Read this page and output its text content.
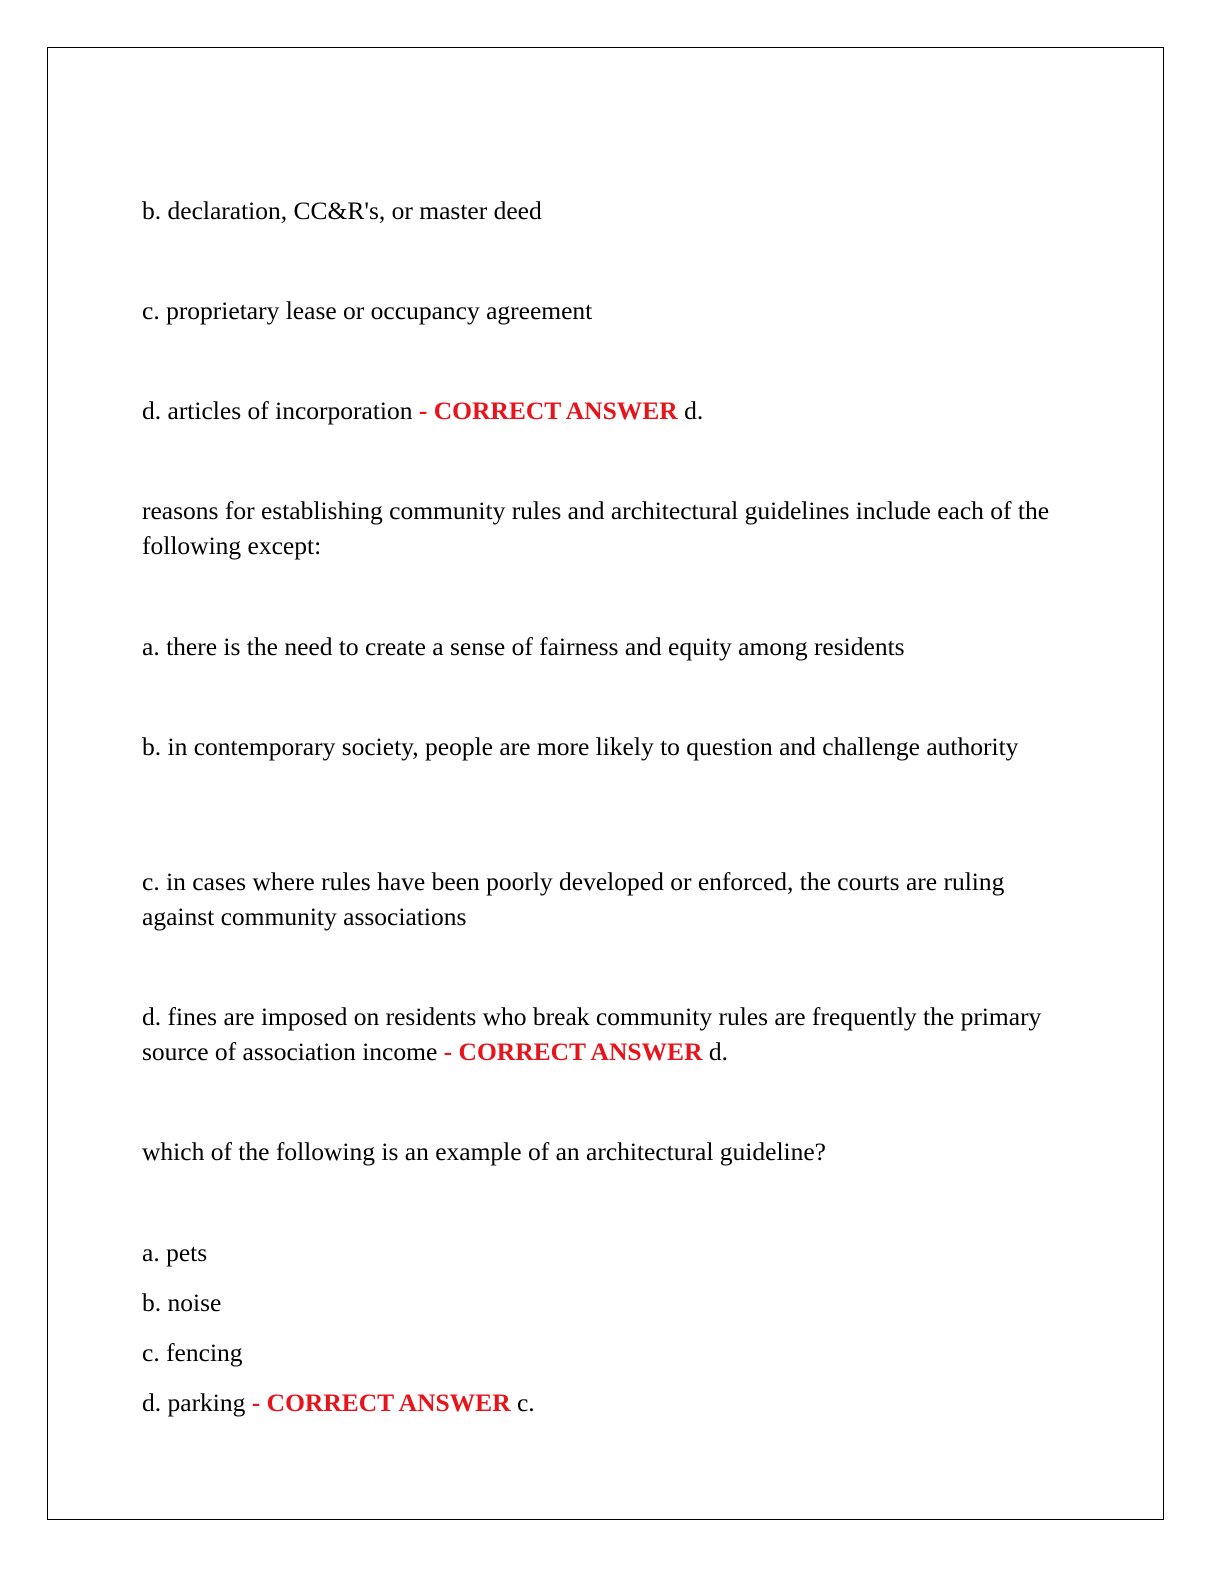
b. declaration, CC&R's, or master deed

c. proprietary lease or occupancy agreement

d. articles of incorporation - CORRECT ANSWER d.

reasons for establishing community rules and architectural guidelines include each of the following except:

a. there is the need to create a sense of fairness and equity among residents

b. in contemporary society, people are more likely to question and challenge authority

c. in cases where rules have been poorly developed or enforced, the courts are ruling against community associations

d. fines are imposed on residents who break community rules are frequently the primary source of association income - CORRECT ANSWER d.

which of the following is an example of an architectural guideline?

a. pets

b. noise

c. fencing

d. parking - CORRECT ANSWER c.
